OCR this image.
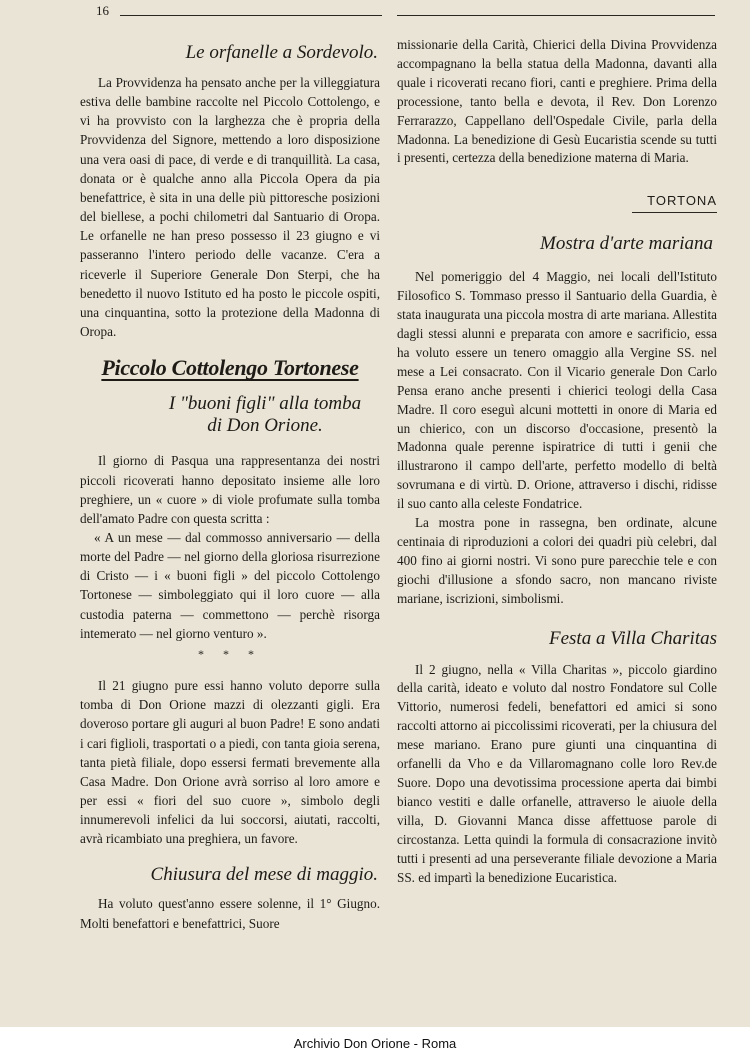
16
Le orfanelle a Sordevolo.

La Provvidenza ha pensato anche per la villeggiatura estiva delle bambine raccolte nel Piccolo Cottolengo, e vi ha provvisto con la larghezza che è propria della Provvidenza del Signore, mettendo a loro disposizione una vera oasi di pace, di verde e di tranquillità. La casa, donata or è qualche anno alla Piccola Opera da pia benefattrice, è sita in una delle più pittoresche posizioni del biellese, a pochi chilometri dal Santuario di Oropa. Le orfanelle ne han preso possesso il 23 giugno e vi passeranno l'intero periodo delle vacanze. C'era a riceverle il Superiore Generale Don Sterpi, che ha benedetto il nuovo Istituto ed ha posto le piccole ospiti, una cinquantina, sotto la protezione della Madonna di Oropa.

Piccolo Cottolengo Tortonese
I "buoni figli" alla tomba
di Don Orione.

Il giorno di Pasqua una rappresentanza dei nostri piccoli ricoverati hanno depositato insieme alle loro preghiere, un « cuore » di viole profumate sulla tomba dell'amato Padre con questa scritta :

« A un mese — dal commosso anniversario — della morte del Padre — nel giorno della gloriosa risurrezione di Cristo — i « buoni figli » del piccolo Cottolengo Tortonese — simboleggiato qui il loro cuore — alla custodia paterna — commettono — perchè risorga intemerato — nel giorno venturo ».

* * *

Il 21 giugno pure essi hanno voluto deporre sulla tomba di Don Orione mazzi di olezzanti gigli. Era doveroso portare gli auguri al buon Padre! E sono andati i cari figlioli, trasportati o a piedi, con tanta gioia serena, tanta pietà filiale, dopo essersi fermati brevemente alla Casa Madre. Don Orione avrà sorriso al loro amore e per essi « fiori del suo cuore », simbolo degli innumerevoli infelici da lui soccorsi, aiutati, raccolti, avrà ricambiato una preghiera, un favore.

Chiusura del mese di maggio.

Ha voluto quest'anno essere solenne, il 1° Giugno. Molti benefattori e benefattrici, Suore

missionarie della Carità, Chierici della Divina Provvidenza accompagnano la bella statua della Madonna, davanti alla quale i ricoverati recano fiori, canti e preghiere. Prima della processione, tanto bella e devota, il Rev. Don Lorenzo Ferrarazzo, Cappellano dell'Ospedale Civile, parla della Madonna. La benedizione di Gesù Eucaristia scende su tutti i presenti, certezza della benedizione materna di Maria.

TORTONA
Mostra d'arte mariana

Nel pomeriggio del 4 Maggio, nei locali dell'Istituto Filosofico S. Tommaso presso il Santuario della Guardia, è stata inaugurata una piccola mostra di arte mariana. Allestita dagli stessi alunni e preparata con amore e sacrificio, essa ha voluto essere un tenero omaggio alla Vergine SS. nel mese a Lei consacrato. Con il Vicario generale Don Carlo Pensa erano anche presenti i chierici teologi della Casa Madre. Il coro eseguì alcuni mottetti in onore di Maria ed un chierico, con un discorso d'occasione, presentò la Madonna quale perenne ispiratrice di tutti i genii che illustrarono il campo dell'arte, perfetto modello di beltà sovrumana e di virtù. D. Orione, attraverso i dischi, ridisse il suo canto alla celeste Fondatrice.

La mostra pone in rassegna, ben ordinate, alcune centinaia di riproduzioni a colori dei quadri più celebri, dal 400 fino ai giorni nostri. Vi sono pure parecchie tele e con giochi d'illusione a sfondo sacro, non mancano riviste mariane, iscrizioni, simbolismi.

Festa a Villa Charitas

Il 2 giugno, nella « Villa Charitas », piccolo giardino della carità, ideato e voluto dal nostro Fondatore sul Colle Vittorio, numerosi fedeli, benefattori ed amici si sono raccolti attorno ai piccolissimi ricoverati, per la chiusura del mese mariano. Erano pure giunti una cinquantina di orfanelli da Vho e da Villaromagnano colle loro Rev.de Suore. Dopo una devotissima processione aperta dai bimbi bianco vestiti e dalle orfanelle, attraverso le aiuole della villa, D. Giovanni Manca disse affettuose parole di circostanza. Letta quindi la formula di consacrazione invitò tutti i presenti ad una perseverante filiale devozione a Maria SS. ed impartì la benedizione Eucaristica.

Archivio Don Orione - Roma
